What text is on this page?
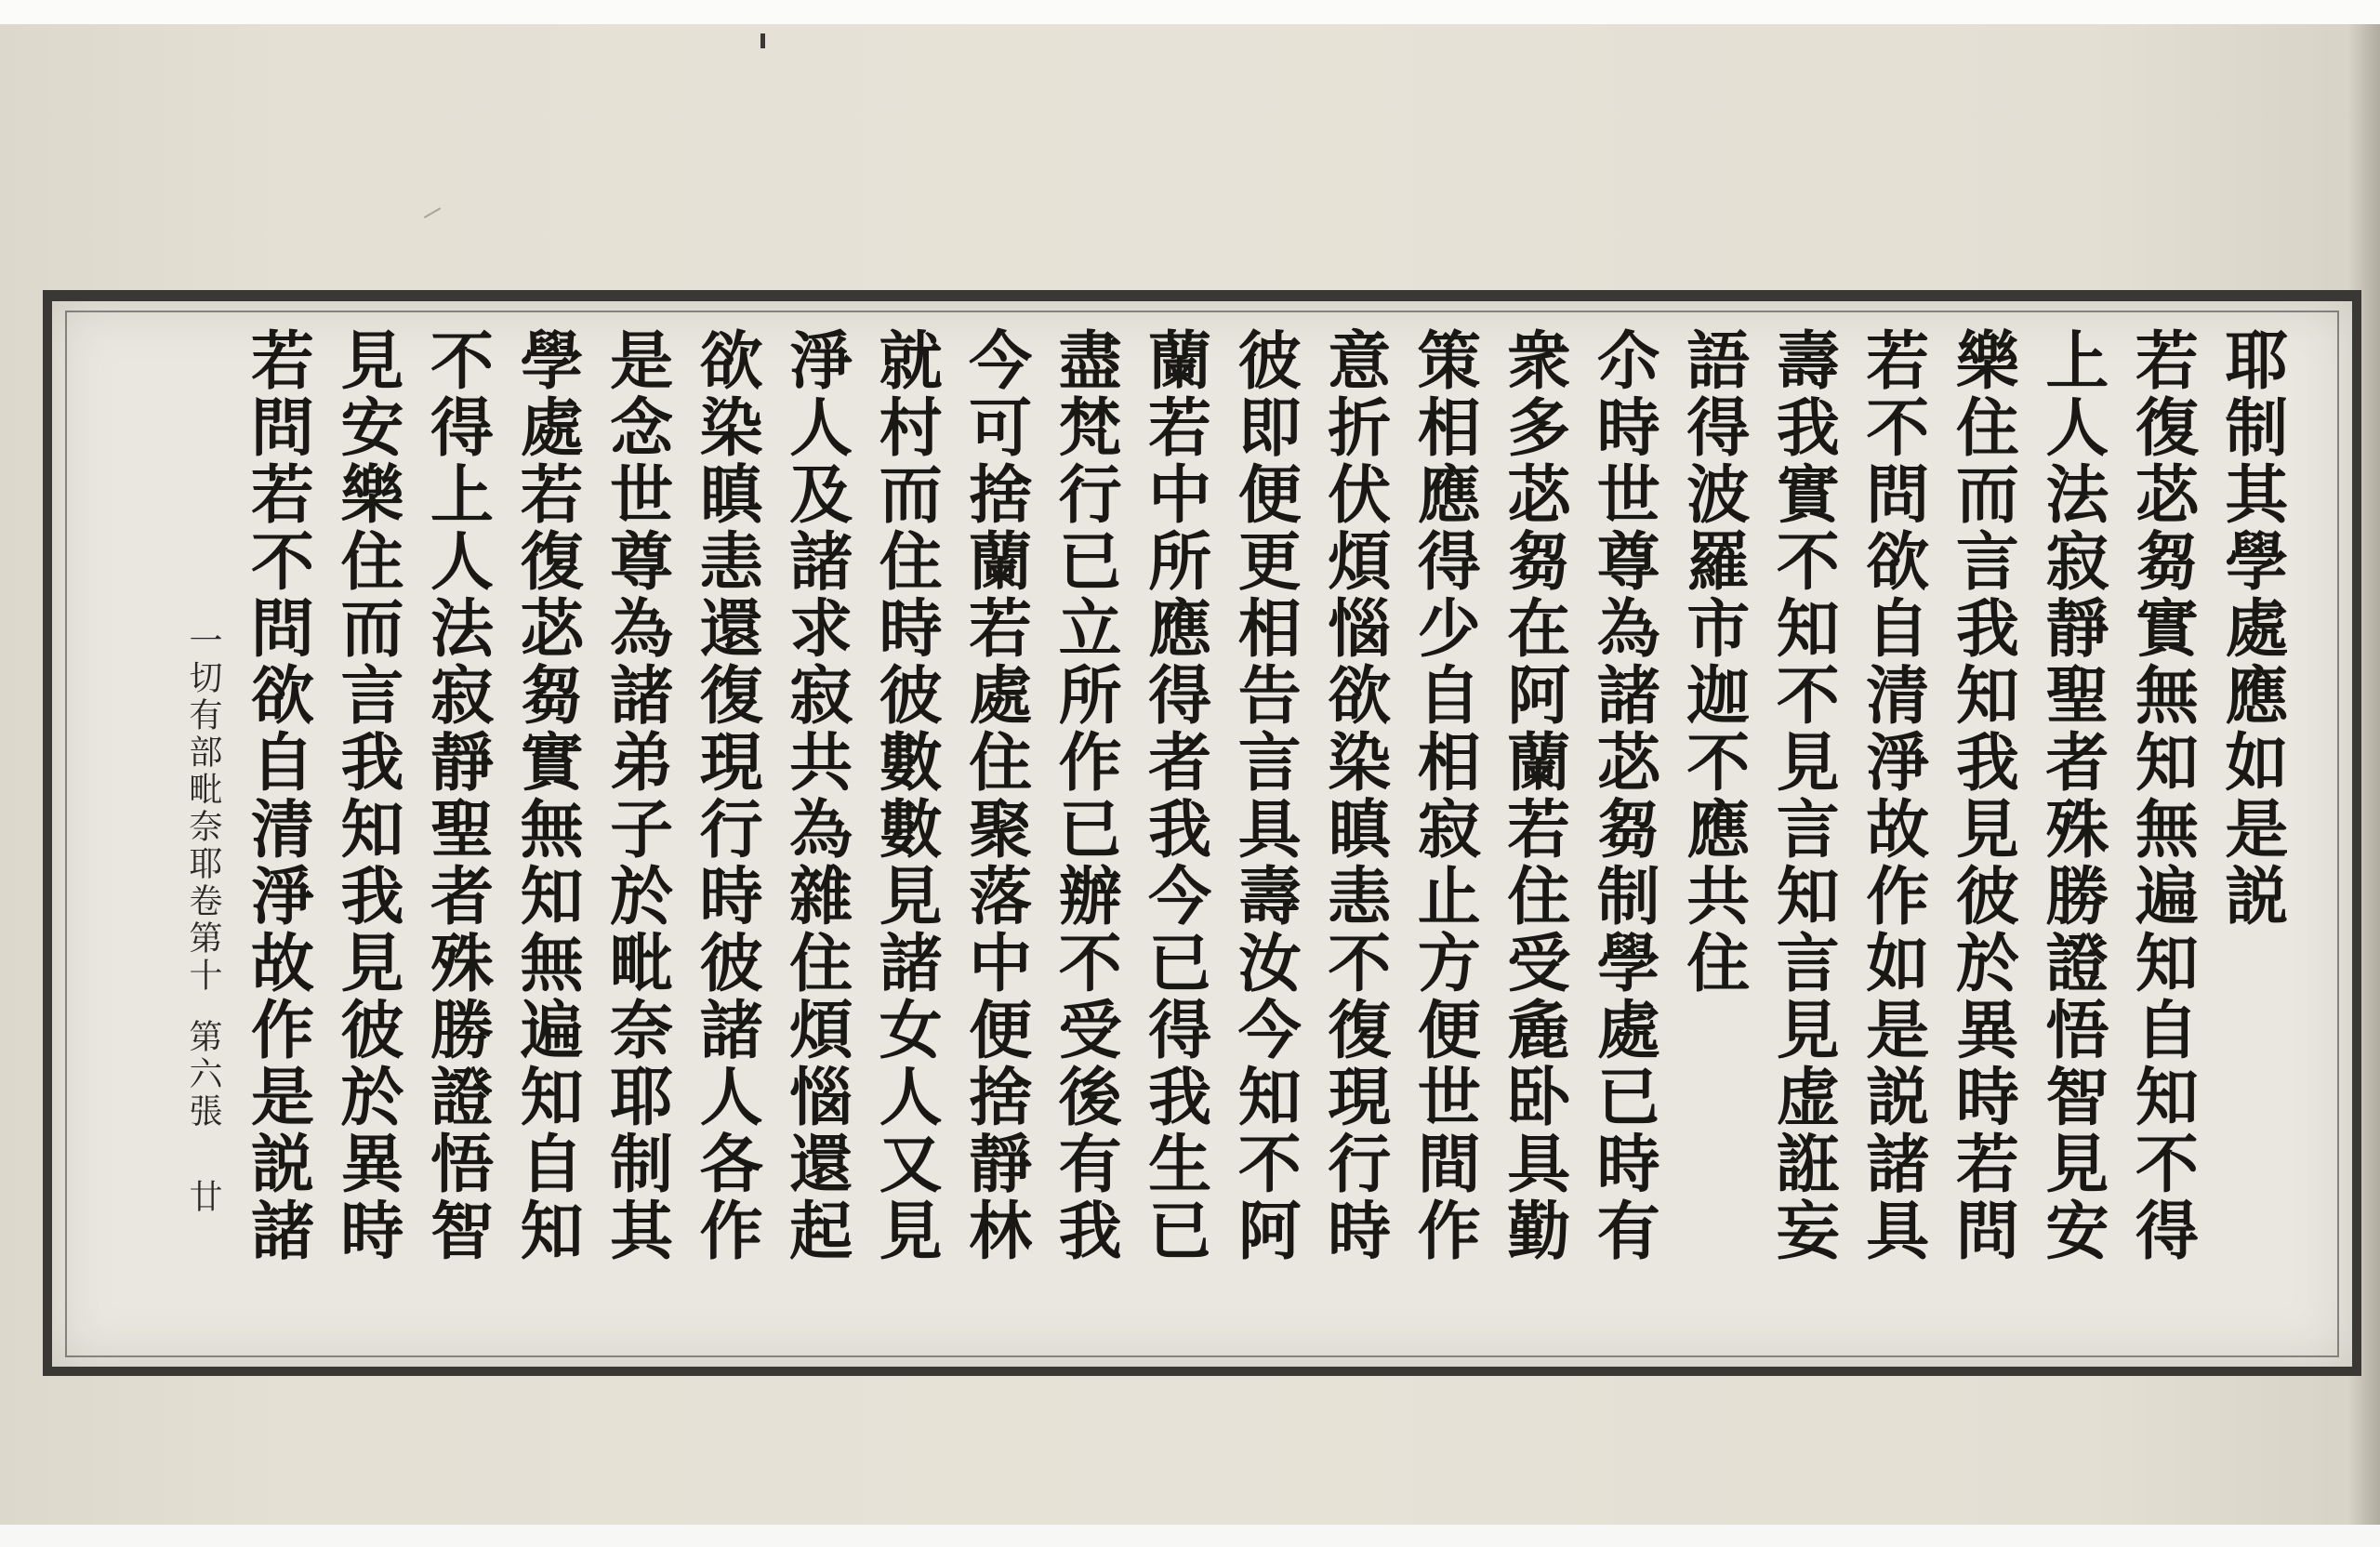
耶制其學處應如是説
若復苾芻實無知無遍知自知不得
上人法寂靜聖者殊勝證悟智見安
樂住而言我知我見彼於異時若問
若不問欲自清淨故作如是説諸具
壽我實不知不見言知言見虚誑妄
語得波羅市迦不應共住
尒時世尊為諸苾芻制學處已時有
衆多苾芻在阿蘭若住受麁卧具勤
策相應得少自相寂止方便世間作
意折伏煩惱欲染瞋恚不復現行時
彼即便更相告言具壽汝今知不阿
蘭若中所應得者我今已得我生已
盡梵行已立所作已辦不受後有我
今可捨蘭若處住聚落中便捨靜林
就村而住時彼數數見諸女人又見
淨人及諸求寂共為雜住煩惱還起
欲染瞋恚還復現行時彼諸人各作
是念世尊為諸弟子於毗奈耶制其
學處若復苾芻實無知無遍知自知
不得上人法寂靜聖者殊勝證悟智
見安樂住而言我知我見彼於異時
若問若不問欲自清淨故作是説諸
一切有部毗奈耶卷第十第六張廿
